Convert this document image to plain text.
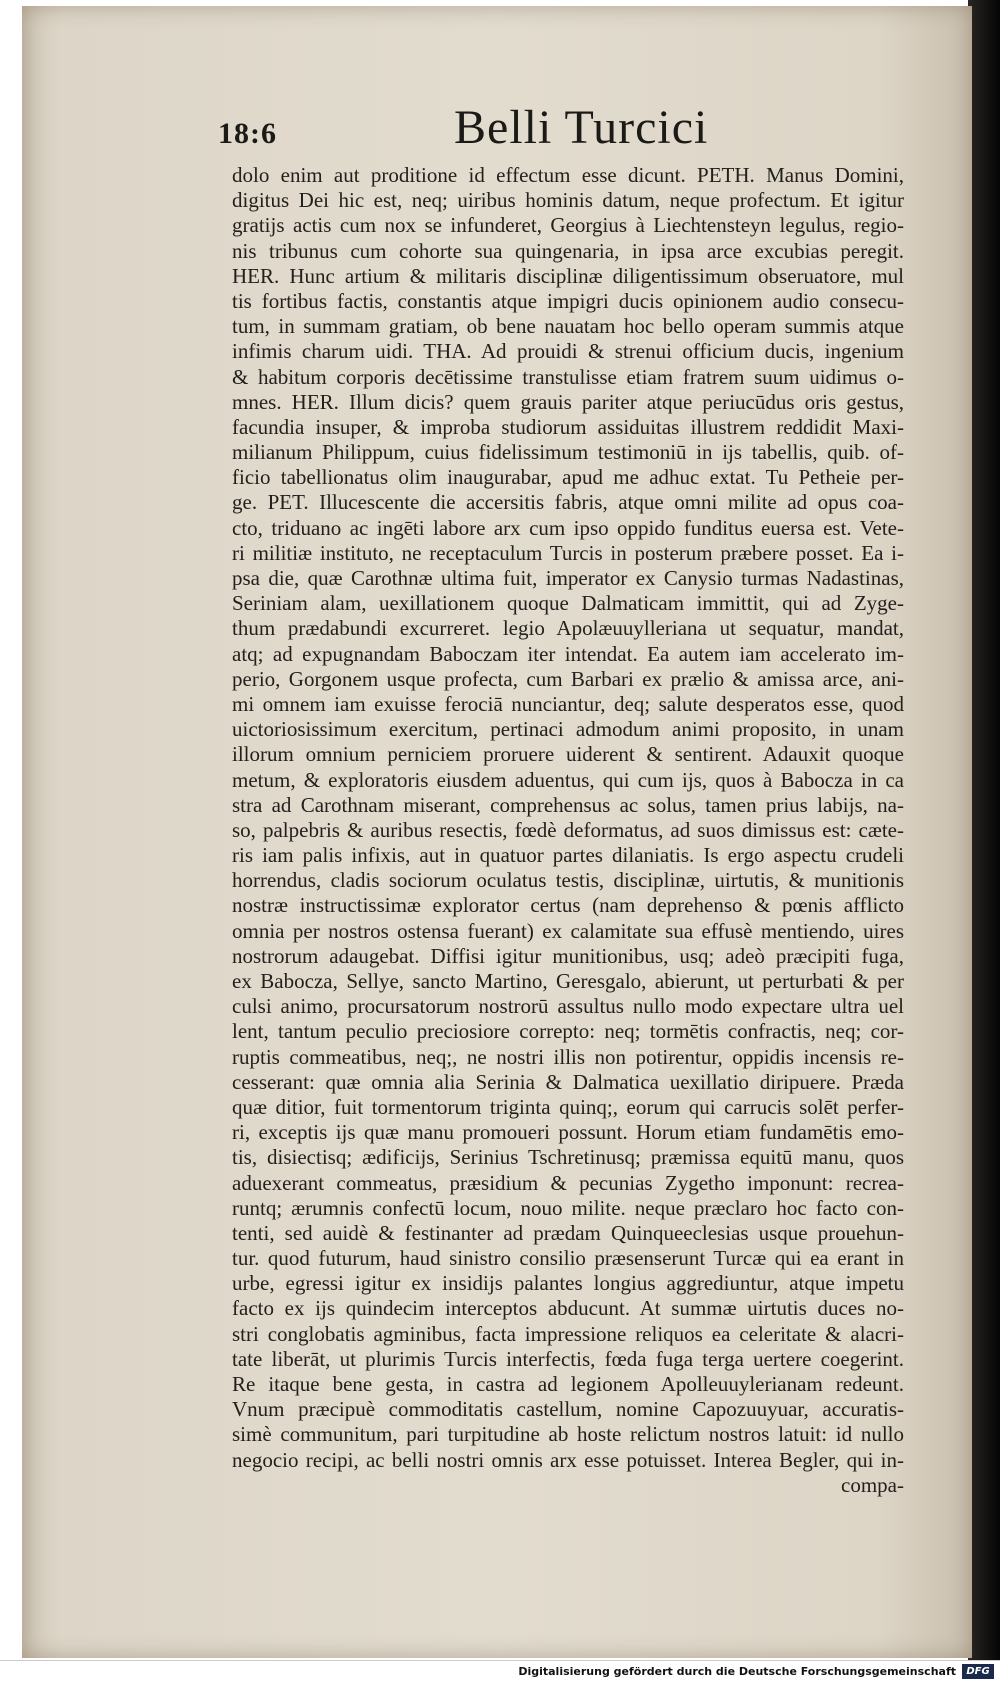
18:6	Belli Turcici
dolo enim aut proditione id effectum esse dicunt. PETH. Manus Domini,
digitus Dei hic est, neq; uiribus hominis datum, neque profectum. Et igitur
gratijs actis cum nox se infunderet, Georgius à Liechtensteyn legulus, regio-
nis tribunus cum cohorte sua quingenaria, in ipsa arce excubias peregit.
HER. Hunc artium & militaris disciplinæ diligentissimum obseruatore, mul
tis fortibus factis, constantis atque impigri ducis opinionem audio consecu-
tum, in summam gratiam, ob bene nauatam hoc bello operam summis atque
infimis charum uidi. THA. Ad prouidi & strenui officium ducis, ingenium
& habitum corporis decētissime transtulisse etiam fratrem suum uidimus o-
mnes. HER. Illum dicis? quem grauis pariter atque periucūdus oris gestus,
facundia insuper, & improba studiorum assiduitas illustrem reddidit Maxi-
milianum Philippum, cuius fidelissimum testimoniū in ijs tabellis, quib. of-
ficio tabellionatus olim inaugurabar, apud me adhuc extat. Tu Petheie per-
ge. PET. Illucescente die accersitis fabris, atque omni milite ad opus coa-
cto, triduano ac ingēti labore arx cum ipso oppido funditus euersa est. Vete-
ri militiæ instituto, ne receptaculum Turcis in posterum præbere posset. Ea i-
psa die, quæ Carothnæ ultima fuit, imperator ex Canysio turmas Nadastinas,
Seriniam alam, uexillationem quoque Dalmaticam immittit, qui ad Zyge-
thum prædabundi excurreret. legio Apolæuuylleriana ut sequatur, mandat,
atq; ad expugnandam Baboczam iter intendat. Ea autem iam accelerato im-
perio, Gorgonem usque profecta, cum Barbari ex prælio & amissa arce, ani-
mi omnem iam exuisse ferociā nunciantur, deq; salute desperatos esse, quod
uictoriosissimum exercitum, pertinaci admodum animi proposito, in unam
illorum omnium perniciem proruere uiderent & sentirent. Adauxit quoque
metum, & exploratoris eiusdem aduentus, qui cum ijs, quos à Babocza in ca
stra ad Carothnam miserant, comprehensus ac solus, tamen prius labijs, na-
so, palpebris & auribus resectis, fœdè deformatus, ad suos dimissus est: cæte-
ris iam palis infixis, aut in quatuor partes dilaniatis. Is ergo aspectu crudeli
horrendus, cladis sociorum oculatus testis, disciplinæ, uirtutis, & munitionis
nostræ instructissimæ explorator certus (nam deprehenso & pœnis afflicto
omnia per nostros ostensa fuerant) ex calamitate sua effusè mentiendo, uires
nostrorum adaugebat. Diffisi igitur munitionibus, usq; adeò præcipiti fuga,
ex Babocza, Sellye, sancto Martino, Geresgalo, abierunt, ut perturbati & per
culsi animo, procursatorum nostrorū assultus nullo modo expectare ultra uel
lent, tantum peculio preciosiore correpto: neq; tormētis confractis, neq; cor-
ruptis commeatibus, neq;, ne nostri illis non potirentur, oppidis incensis re-
cesserant: quæ omnia alia Serinia & Dalmatica uexillatio diripuere. Præda
quæ ditior, fuit tormentorum triginta quinq;, eorum qui carrucis solēt perfer-
ri, exceptis ijs quæ manu promoueri possunt. Horum etiam fundamētis emo-
tis, disiectisq; ædificijs, Serinius Tschretinusq; præmissa equitū manu, quos
aduexerant commeatus, præsidium & pecunias Zygetho imponunt: recrea-
runtq; ærumnis confectū locum, nouo milite. neque præclaro hoc facto con-
tenti, sed auidè & festinanter ad prædam Quinqueeclesias usque prouehun-
tur. quod futurum, haud sinistro consilio præsenserunt Turcæ qui ea erant in
urbe, egressi igitur ex insidijs palantes longius aggrediuntur, atque impetu
facto ex ijs quindecim interceptos abducunt. At summæ uirtutis duces no-
stri conglobatis agminibus, facta impressione reliquos ea celeritate & alacri-
tate liberāt, ut plurimis Turcis interfectis, fœda fuga terga uertere coegerint.
Re itaque bene gesta, in castra ad legionem Apolleuuylerianam redeunt.
Vnum præcipuè commoditatis castellum, nomine Capozuuyuar, accuratis-
simè communitum, pari turpitudine ab hoste relictum nostros latuit: id nullo
negocio recipi, ac belli nostri omnis arx esse potuisset. Interea Begler, qui in-
compa-
Digitalisierung gefördert durch die Deutsche Forschungsgemeinschaft	DFG
